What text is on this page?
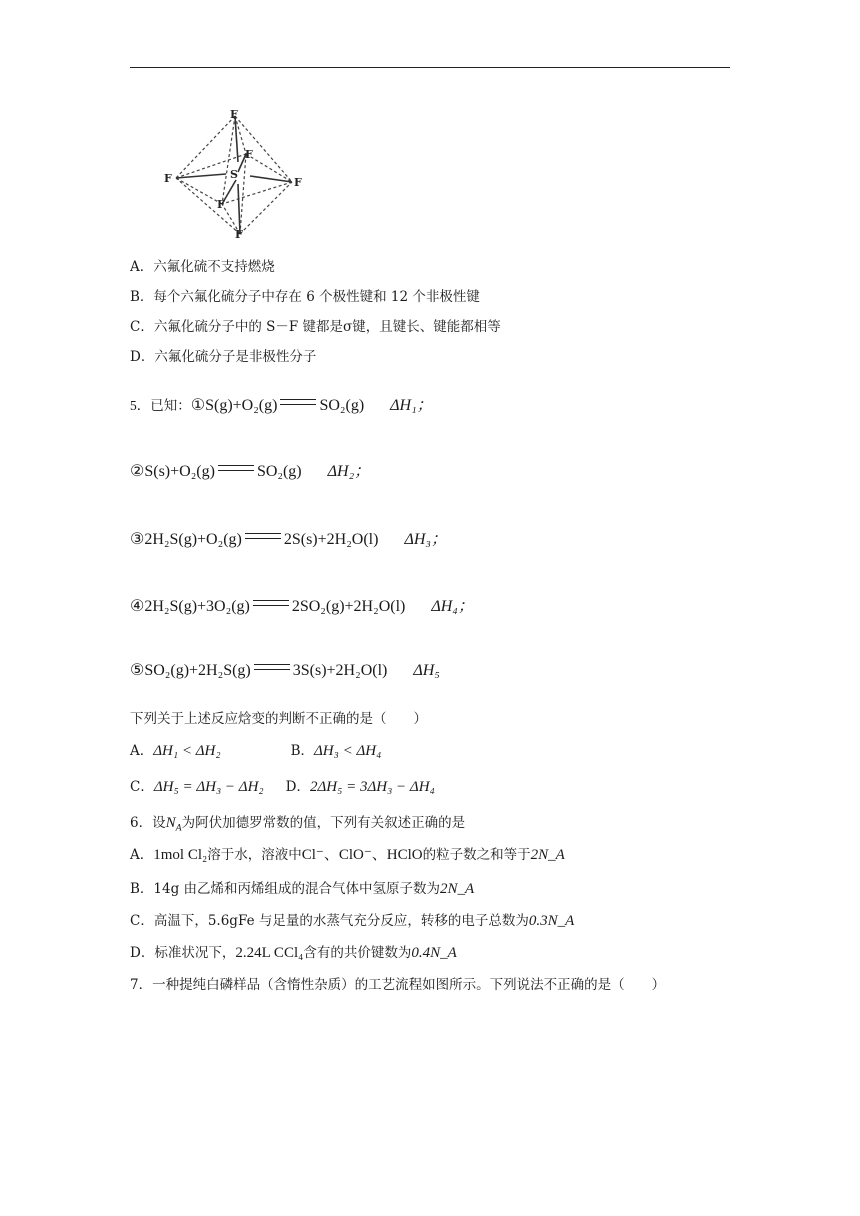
F
F	F
F
F
F
S
A．六氟化硫不支持燃烧
B．每个六氟化硫分子中存在 6 个极性键和 12 个非极性键
C．六氟化硫分子中的 S－F 键都是σ键，且键长、键能都相等
D．六氟化硫分子是非极性分子
5．已知：①S(g)+O₂(g)	SO₂(g) ΔH₁；
②S(s)+O₂(g)	SO₂(g) ΔH₂；
③2H₂S(g)+O₂(g)	2S(s)+2H₂O(l) ΔH₃；
④2H₂S(g)+3O₂(g)	2SO₂(g)+2H₂O(l) ΔH₄；
⑤SO₂(g)+2H₂S(g)	3S(s)+2H₂O(l) ΔH₅
下列关于上述反应焓变的判断不正确的是（　　）
A．ΔH₁ < ΔH₂	B．ΔH₃ < ΔH₄
C．ΔH₅ = ΔH₃ − ΔH₂ D．2ΔH₅ = 3ΔH₃ − ΔH₄
6．设$N_A$为阿伏加德罗常数的值，下列有关叙述正确的是
A．1mol Cl₂溶于水，溶液中Cl⁻、ClO⁻、HClO的粒子数之和等于2N_A
B．14g 由乙烯和丙烯组成的混合气体中氢原子数为2N_A
C．高温下，5.6gFe 与足量的水蒸气充分反应，转移的电子总数为0.3N_A
D．标准状况下，2.24L CCl₄含有的共价键数为0.4N_A
7．一种提纯白磷样品（含惰性杂质）的工艺流程如图所示。下列说法不正确的是（　　）
